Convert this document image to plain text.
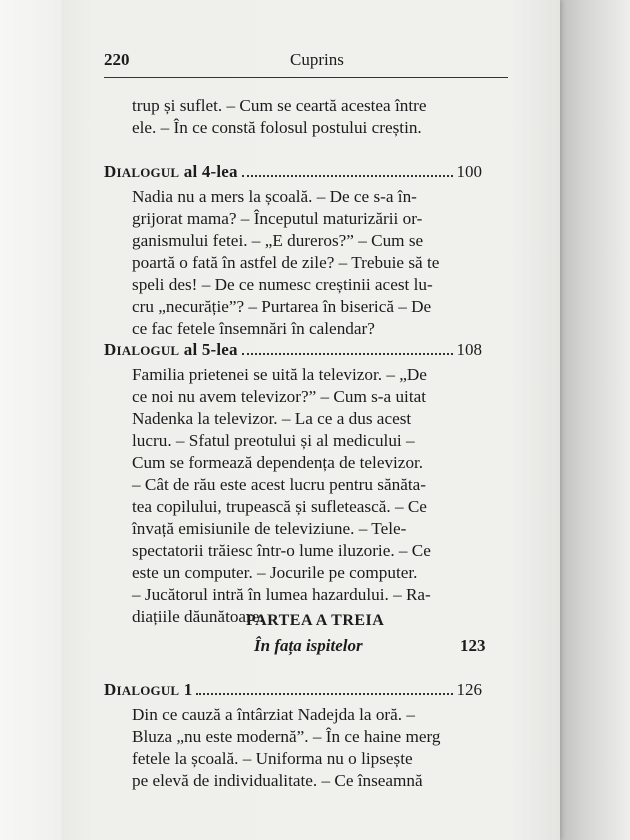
220	Cuprins
trup și suflet. – Cum se ceartă acestea între
ele. – În ce constă folosul postului creștin.
DIALOGUL al 4-lea	100
Nadia nu a mers la școală. – De ce s-a în-
grijorat mama? – Începutul maturizării or-
ganismului fetei. – „E dureros?” – Cum se
poartă o fată în astfel de zile? – Trebuie să te
speli des! – De ce numesc creștinii acest lu-
cru „necurăție”? – Purtarea în biserică – De
ce fac fetele însemnări în calendar?
DIALOGUL al 5-lea	108
Familia prietenei se uită la televizor. – „De
ce noi nu avem televizor?” – Cum s-a uitat
Nadenka la televizor. – La ce a dus acest
lucru. – Sfatul preotului și al medicului –
Cum se formează dependența de televizor.
– Cât de rău este acest lucru pentru sănăta-
tea copilului, trupească și sufletească. – Ce
învață emisiunile de televiziune. – Tele-
spectatorii trăiesc într-o lume iluzorie. – Ce
este un computer. – Jocurile pe computer.
– Jucătorul intră în lumea hazardului. – Ra-
diațiile dăunătoare.
PARTEA A TREIA
În fața ispitelor	123
DIALOGUL 1	126
Din ce cauză a întârziat Nadejda la oră. –
Bluza „nu este modernă”. – În ce haine merg
fetele la școală. – Uniforma nu o lipsește
pe elevă de individualitate. – Ce înseamnă
